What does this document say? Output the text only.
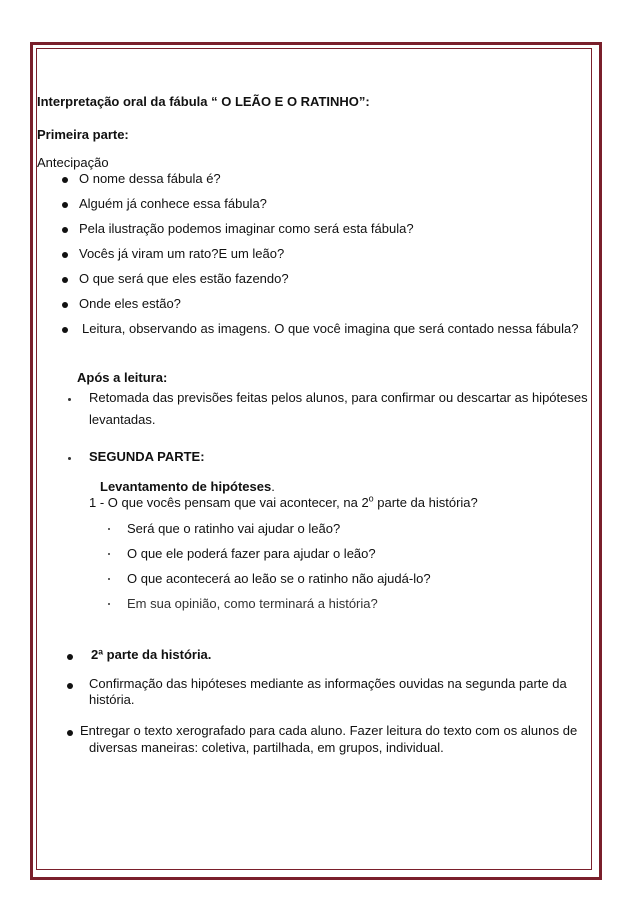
Interpretação oral da fábula “ O LEÃO E O RATINHO”:
Primeira parte:
Antecipação
O nome dessa fábula é?
Alguém já conhece essa fábula?
Pela ilustração podemos imaginar como será esta fábula?
Vocês já viram um rato?E um leão?
O que será que eles estão fazendo?
Onde eles estão?
Leitura, observando as imagens. O que você imagina que será contado nessa fábula?
Após a leitura:
Retomada das previsões feitas pelos alunos, para confirmar ou descartar as hipóteses
levantadas.
SEGUNDA PARTE:
Levantamento de hipóteses.
1 - O que vocês pensam que vai acontecer, na 2$^o$ parte da história?
Será que o ratinho vai ajudar o leão?
O que ele poderá fazer para ajudar o leão?
O que acontecerá ao leão se o ratinho não ajudá-lo?
Em sua opinião, como terminará a história?
2ª parte da história.
Confirmação das hipóteses mediante as informações ouvidas na segunda parte da
história.
Entregar o texto xerografado para cada aluno. Fazer leitura do texto com os alunos de
diversas maneiras: coletiva, partilhada, em grupos, individual.
